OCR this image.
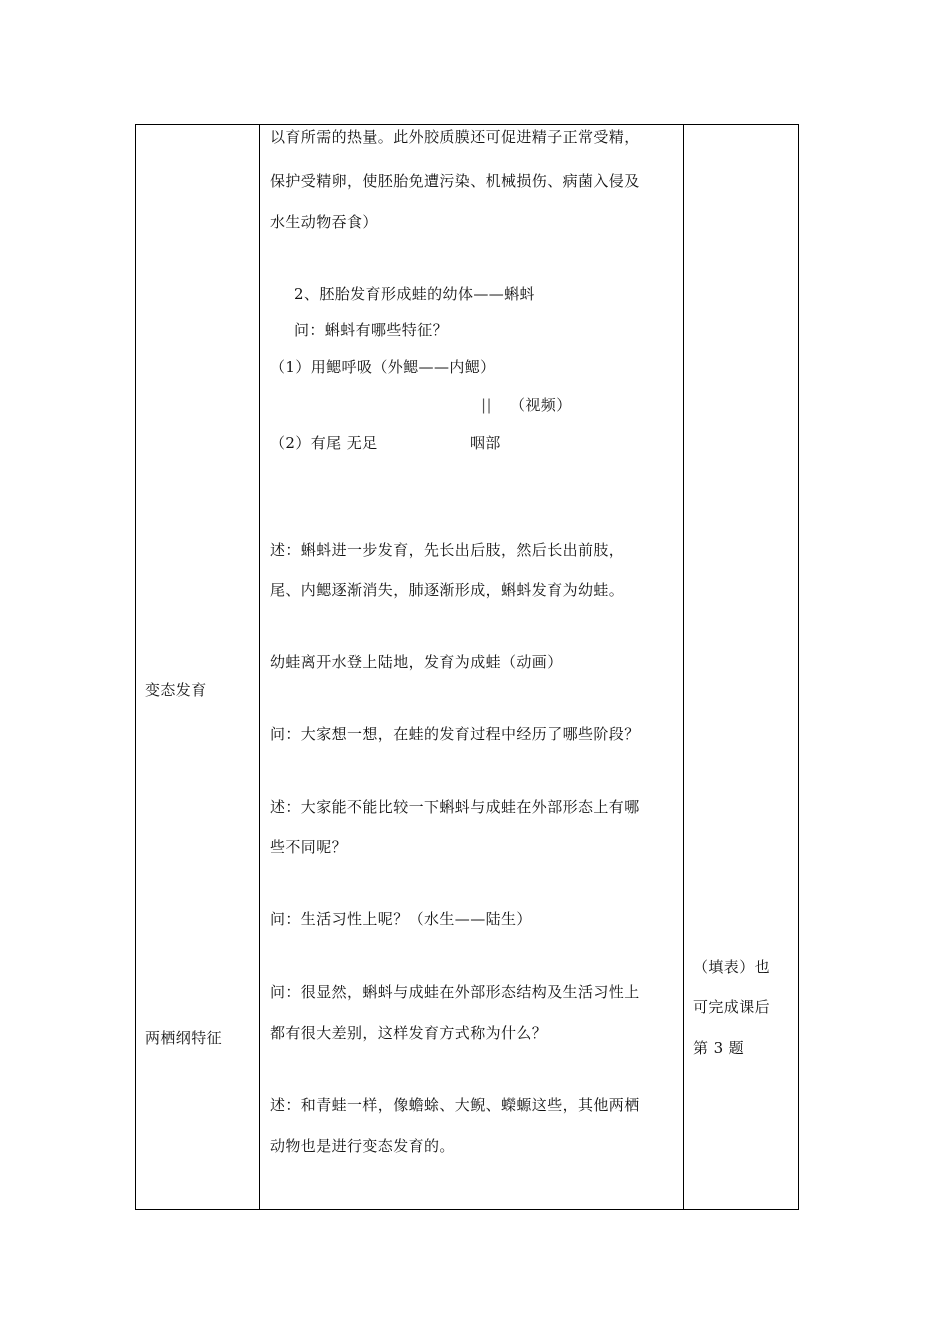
变态发育
两栖纲特征
以育所需的热量。此外胶质膜还可促进精子正常受精，
保护受精卵，使胚胎免遭污染、机械损伤、病菌入侵及
水生动物吞食）
2、胚胎发育形成蛙的幼体——蝌蚪
问：蝌蚪有哪些特征？
（1）用鳃呼吸（外鳃——内鳃）
|| （视频）
（2）有尾 无足	咽部
述：蝌蚪进一步发育，先长出后肢，然后长出前肢，
尾、内鳃逐渐消失，肺逐渐形成，蝌蚪发育为幼蛙。
幼蛙离开水登上陆地，发育为成蛙（动画）
问：大家想一想，在蛙的发育过程中经历了哪些阶段？
述：大家能不能比较一下蝌蚪与成蛙在外部形态上有哪
些不同呢？
问：生活习性上呢？（水生——陆生）
问：很显然，蝌蚪与成蛙在外部形态结构及生活习性上
都有很大差别，这样发育方式称为什么？
述：和青蛙一样，像蟾蜍、大鲵、蠑螈这些，其他两栖
动物也是进行变态发育的。
（填表）也
可完成课后
第 3 题
